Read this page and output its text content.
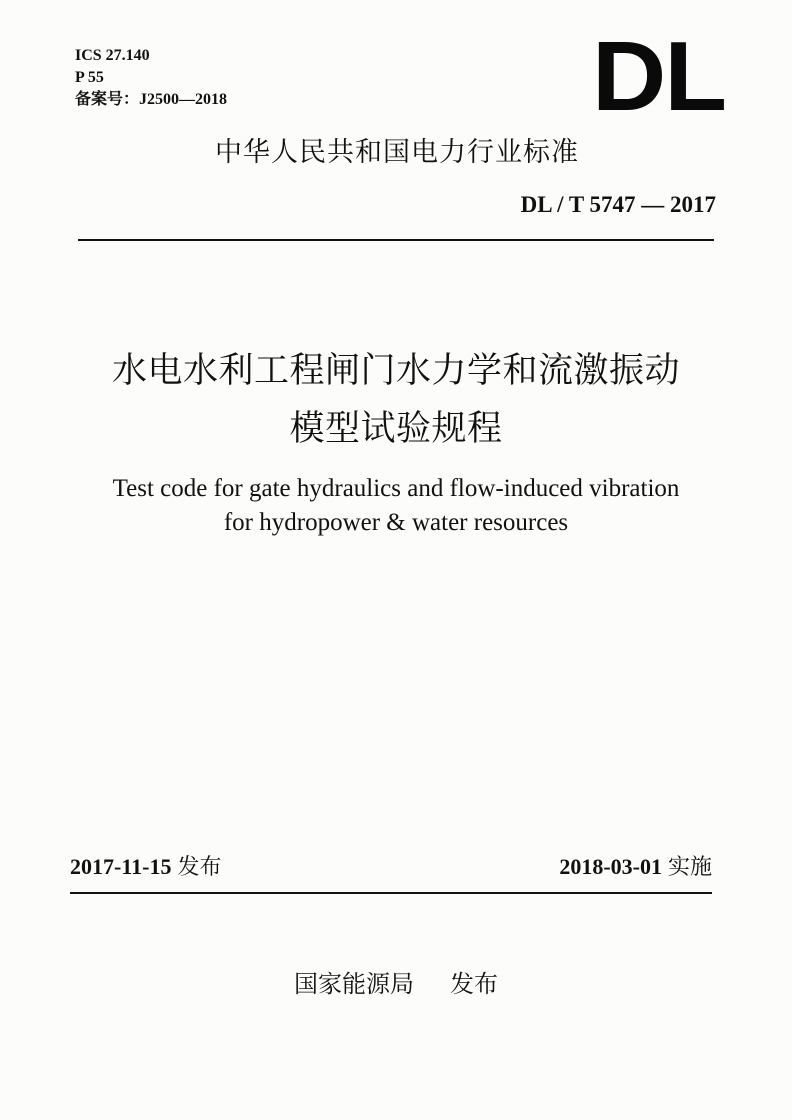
ICS 27.140
P 55
备案号：J2500—2018	DL
中华人民共和国电力行业标准
DL / T 5747 — 2017
水电水利工程闸门水力学和流激振动
模型试验规程
Test code for gate hydraulics and flow-induced vibration
for hydropower & water resources
2017-11-15 发布	2018-03-01 实施
国家能源局 发布
